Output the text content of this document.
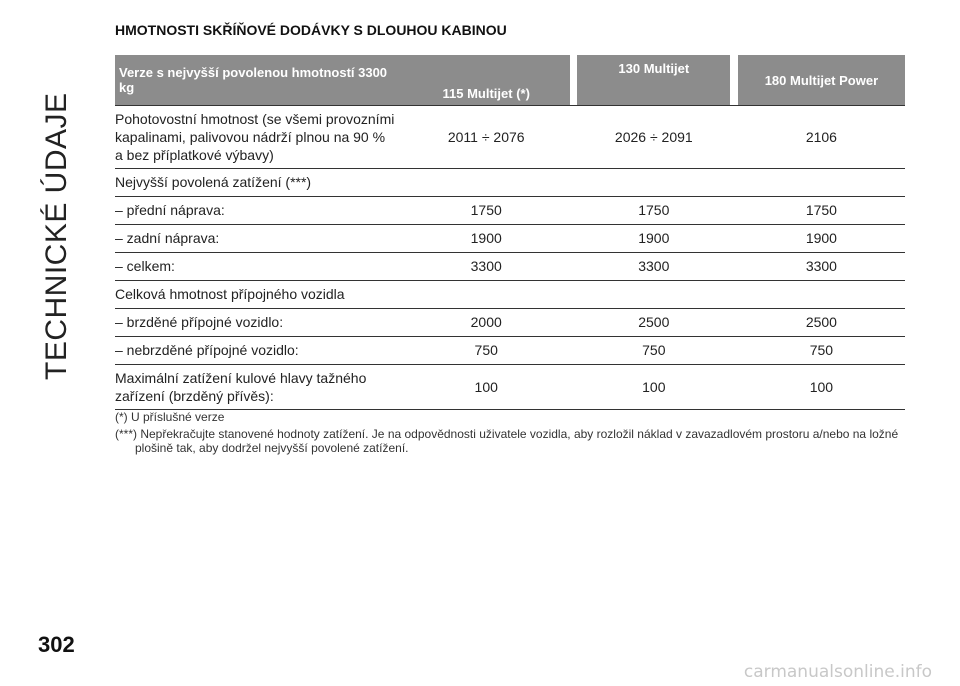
TECHNICKÉ ÚDAJE
302
HMOTNOSTI SKŘÍŇOVÉ DODÁVKY S DLOUHOU KABINOU
Verze s nejvyšší povolenou hmotností 3300 kg	115 Multijet (*)		130 Multijet		180 Multijet Power
Pohotovostní hmotnost (se všemi provozními kapalinami, palivovou nádrží plnou na 90 % a bez příplatkové výbavy)	2011 ÷ 2076		2026 ÷ 2091		2106
Nejvyšší povolená zatížení (***)					
– přední náprava:	1750		1750		1750
– zadní náprava:	1900		1900		1900
– celkem:	3300		3300		3300
Celková hmotnost přípojného vozidla					
– brzděné přípojné vozidlo:	2000		2500		2500
– nebrzděné přípojné vozidlo:	750		750		750
Maximální zatížení kulové hlavy tažného zařízení (brzděný přívěs):	100		100		100
(*) U příslušné verze
(***) Nepřekračujte stanovené hodnoty zatížení. Je na odpovědnosti uživatele vozidla, aby rozložil náklad v zavazadlovém prostoru a/nebo na ložné plošině tak, aby dodržel nejvyšší povolené zatížení.
carmanualsonline.info
